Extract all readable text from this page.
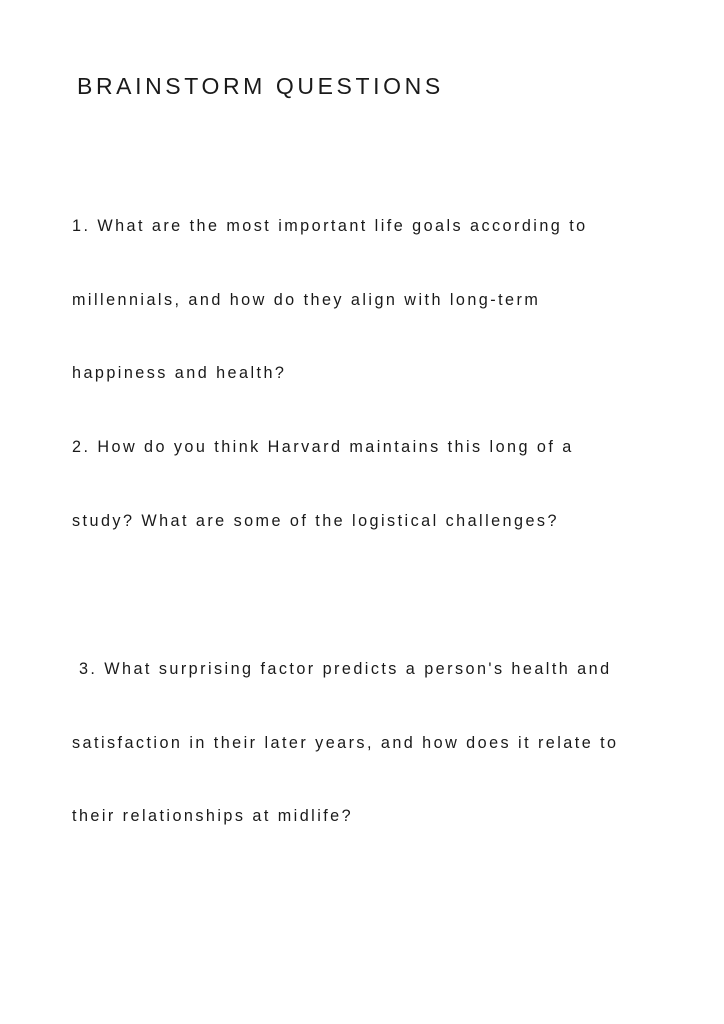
BRAINSTORM QUESTIONS

1. What are the most important life goals according to

millennials, and how do they align with long-term

happiness and health?

2. How do you think Harvard maintains this long of a

study? What are some of the logistical challenges?

3. What surprising factor predicts a person's health and

satisfaction in their later years, and how does it relate to

their relationships at midlife?
